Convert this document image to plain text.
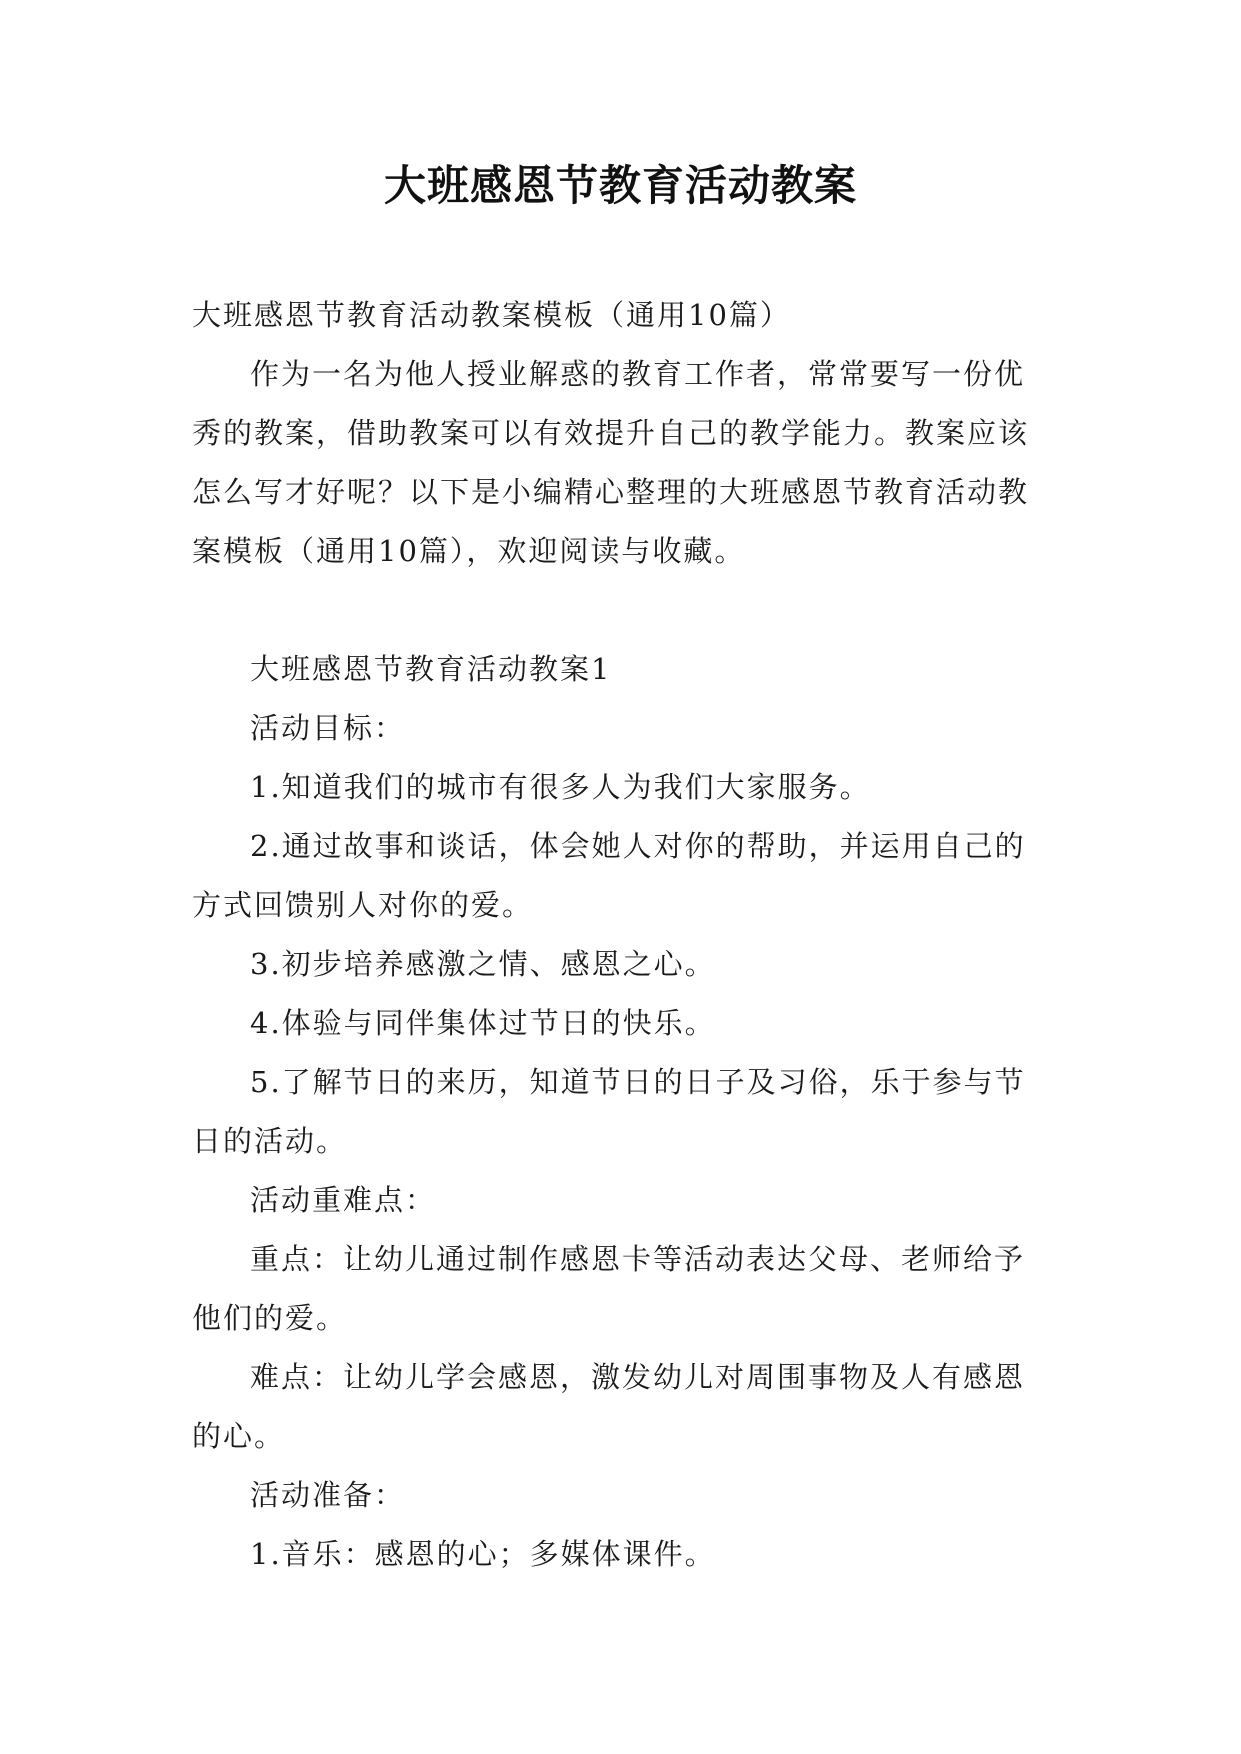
大班感恩节教育活动教案

大班感恩节教育活动教案模板（通用10篇）

作为一名为他人授业解惑的教育工作者，常常要写一份优秀的教案，借助教案可以有效提升自己的教学能力。教案应该怎么写才好呢？以下是小编精心整理的大班感恩节教育活动教案模板（通用10篇），欢迎阅读与收藏。

大班感恩节教育活动教案1

活动目标：

1.知道我们的城市有很多人为我们大家服务。

2.通过故事和谈话，体会她人对你的帮助，并运用自己的方式回馈别人对你的爱。

3.初步培养感激之情、感恩之心。

4.体验与同伴集体过节日的快乐。

5.了解节日的来历，知道节日的日子及习俗，乐于参与节日的活动。

活动重难点：

重点：让幼儿通过制作感恩卡等活动表达父母、老师给予他们的爱。

难点：让幼儿学会感恩，激发幼儿对周围事物及人有感恩的心。

活动准备：

1.音乐：感恩的心；多媒体课件。
